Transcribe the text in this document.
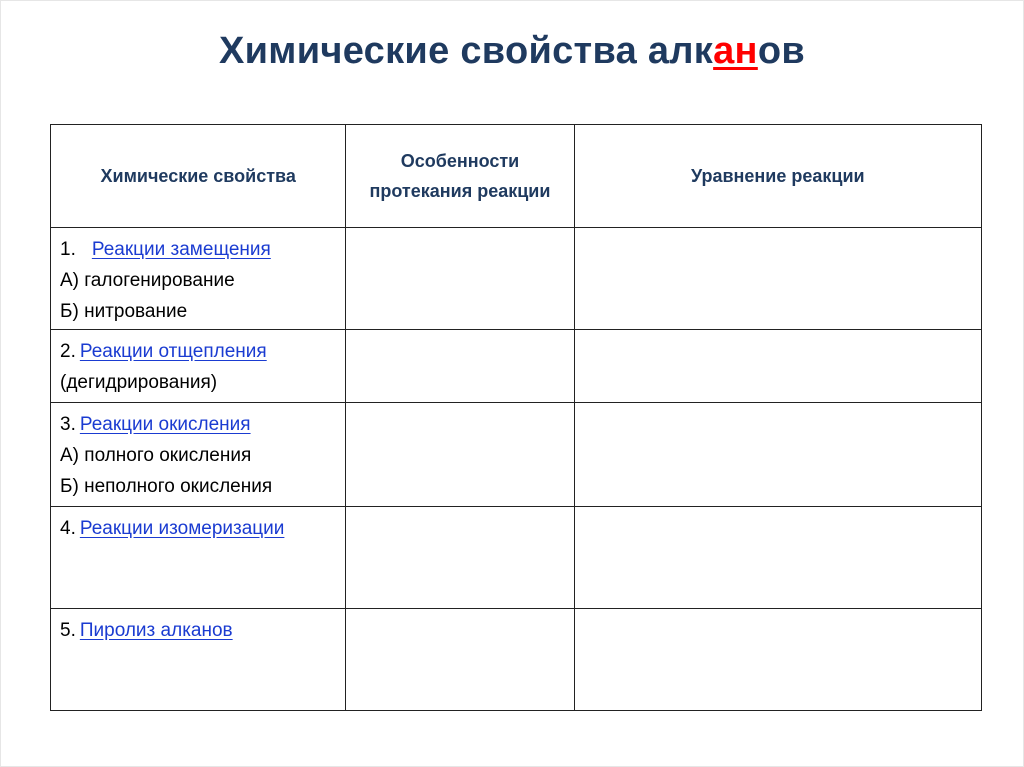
Химические свойства алканов
Химические свойства	Особенности протекания реакции	Уравнение реакции

1. Реакции замещения
А) галогенирование
Б) нитрование		

2. Реакции отщепления
(дегидрирования)		

3. Реакции окисления
А) полного окисления
Б) неполного окисления		

4. Реакции изомеризации		

5. Пиролиз алканов		
